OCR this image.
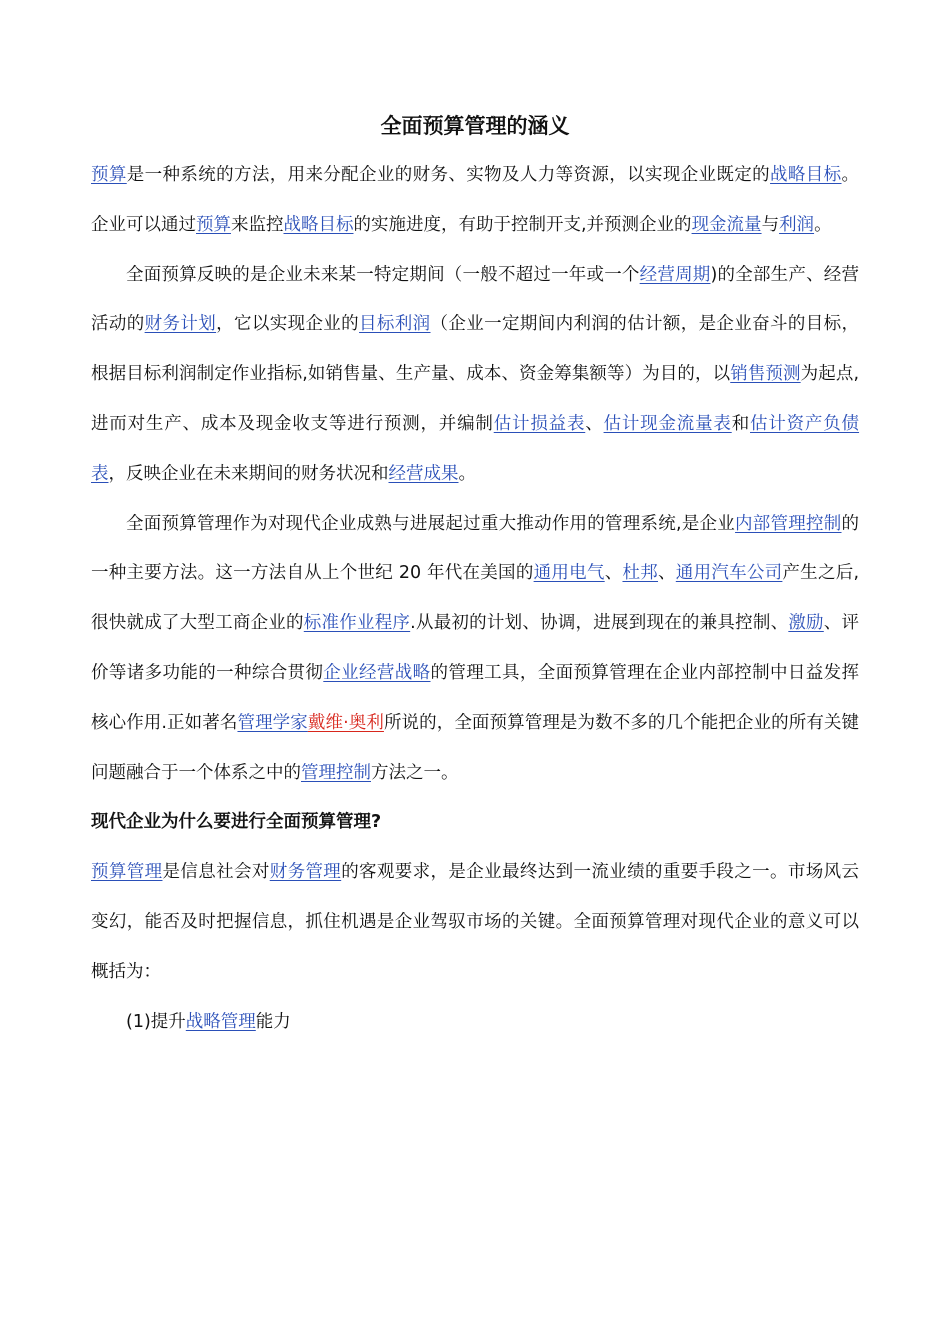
全面预算管理的涵义

预算是一种系统的方法，用来分配企业的财务、实物及人力等资源，以实现企业既定的战略目标。企业可以通过预算来监控战略目标的实施进度，有助于控制开支,并预测企业的现金流量与利润。

全面预算反映的是企业未来某一特定期间（一般不超过一年或一个经营周期)的全部生产、经营活动的财务计划，它以实现企业的目标利润（企业一定期间内利润的估计额，是企业奋斗的目标，根据目标利润制定作业指标,如销售量、生产量、成本、资金筹集额等）为目的，以销售预测为起点,进而对生产、成本及现金收支等进行预测，并编制估计损益表、估计现金流量表和估计资产负债表，反映企业在未来期间的财务状况和经营成果。

全面预算管理作为对现代企业成熟与进展起过重大推动作用的管理系统,是企业内部管理控制的一种主要方法。这一方法自从上个世纪 20 年代在美国的通用电气、杜邦、通用汽车公司产生之后,很快就成了大型工商企业的标准作业程序.从最初的计划、协调，进展到现在的兼具控制、激励、评价等诸多功能的一种综合贯彻企业经营战略的管理工具，全面预算管理在企业内部控制中日益发挥核心作用.正如著名管理学家戴维·奥利所说的，全面预算管理是为数不多的几个能把企业的所有关键问题融合于一个体系之中的管理控制方法之一。

现代企业为什么要进行全面预算管理?

预算管理是信息社会对财务管理的客观要求，是企业最终达到一流业绩的重要手段之一。市场风云变幻，能否及时把握信息，抓住机遇是企业驾驭市场的关键。全面预算管理对现代企业的意义可以概括为：

(1)提升战略管理能力
